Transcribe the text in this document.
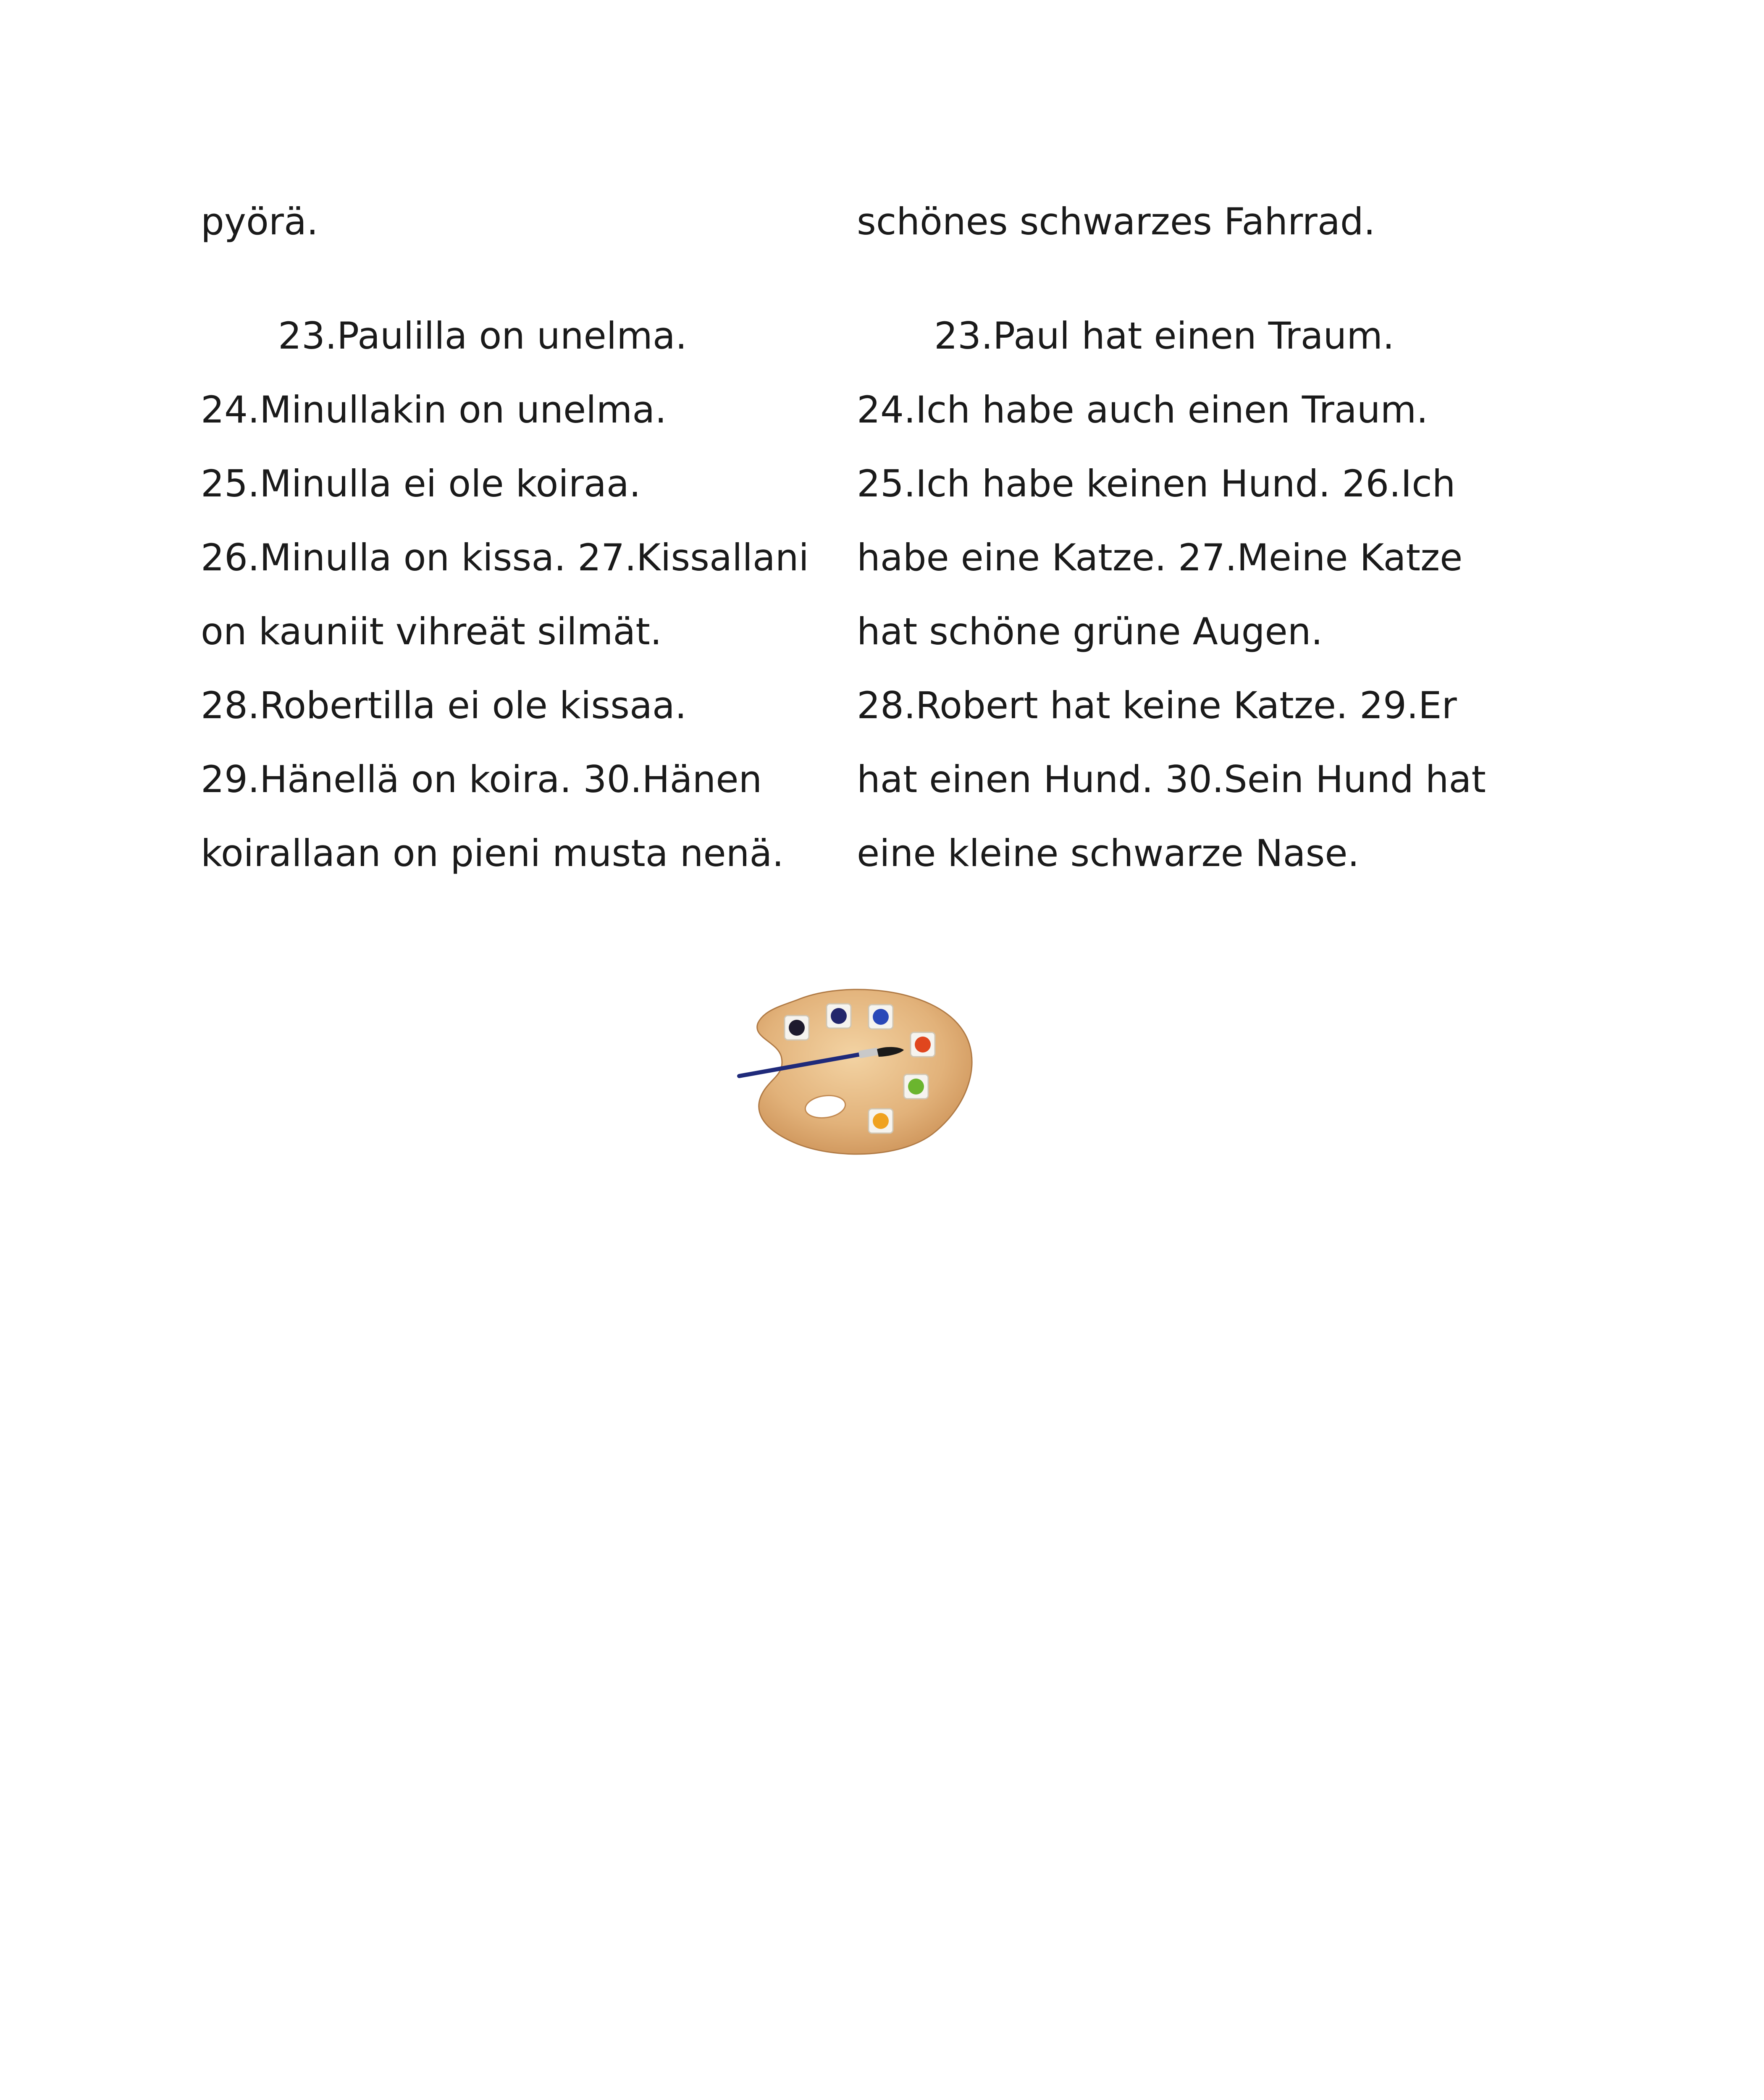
pyörä.
23.Paulilla on unelma.
24.Minullakin on unelma.
25.Minulla ei ole koiraa.
26.Minulla on kissa. 27.Kissallani
on kauniit vihreät silmät.
28.Robertilla ei ole kissaa.
29.Hänellä on koira. 30.Hänen
koirallaan on pieni musta nenä.
schönes schwarzes Fahrrad.
23.Paul hat einen Traum.
24.Ich habe auch einen Traum.
25.Ich habe keinen Hund. 26.Ich
habe eine Katze. 27.Meine Katze
hat schöne grüne Augen.
28.Robert hat keine Katze. 29.Er
hat einen Hund. 30.Sein Hund hat
eine kleine schwarze Nase.
